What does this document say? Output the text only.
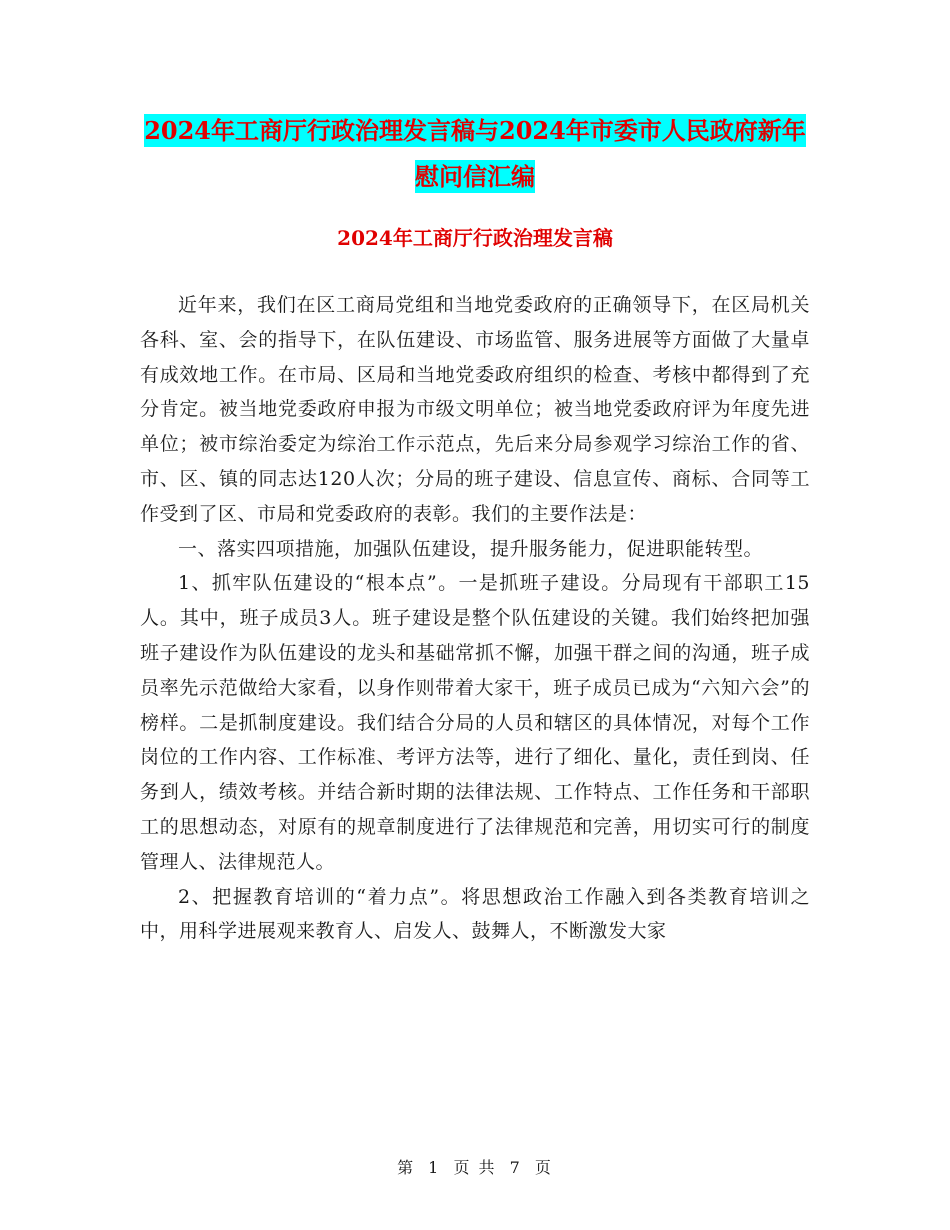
2024年工商厅行政治理发言稿与2024年市委市人民政府新年慰问信汇编
2024年工商厅行政治理发言稿

近年来，我们在区工商局党组和当地党委政府的正确领导下，在区局机关各科、室、会的指导下，在队伍建设、市场监管、服务进展等方面做了大量卓有成效地工作。在市局、区局和当地党委政府组织的检查、考核中都得到了充分肯定。被当地党委政府申报为市级文明单位；被当地党委政府评为年度先进单位；被市综治委定为综治工作示范点，先后来分局参观学习综治工作的省、市、区、镇的同志达120人次；分局的班子建设、信息宣传、商标、合同等工作受到了区、市局和党委政府的表彰。我们的主要作法是：

一、落实四项措施，加强队伍建设，提升服务能力，促进职能转型。

1、抓牢队伍建设的“根本点”。一是抓班子建设。分局现有干部职工15人。其中，班子成员3人。班子建设是整个队伍建设的关键。我们始终把加强班子建设作为队伍建设的龙头和基础常抓不懈，加强干群之间的沟通，班子成员率先示范做给大家看，以身作则带着大家干，班子成员已成为“六知六会”的榜样。二是抓制度建设。我们结合分局的人员和辖区的具体情况，对每个工作岗位的工作内容、工作标准、考评方法等，进行了细化、量化，责任到岗、任务到人，绩效考核。并结合新时期的法律法规、工作特点、工作任务和干部职工的思想动态，对原有的规章制度进行了法律规范和完善，用切实可行的制度管理人、法律规范人。

2、把握教育培训的“着力点”。将思想政治工作融入到各类教育培训之中，用科学进展观来教育人、启发人、鼓舞人，不断激发大家

第 1 页 共 7 页
